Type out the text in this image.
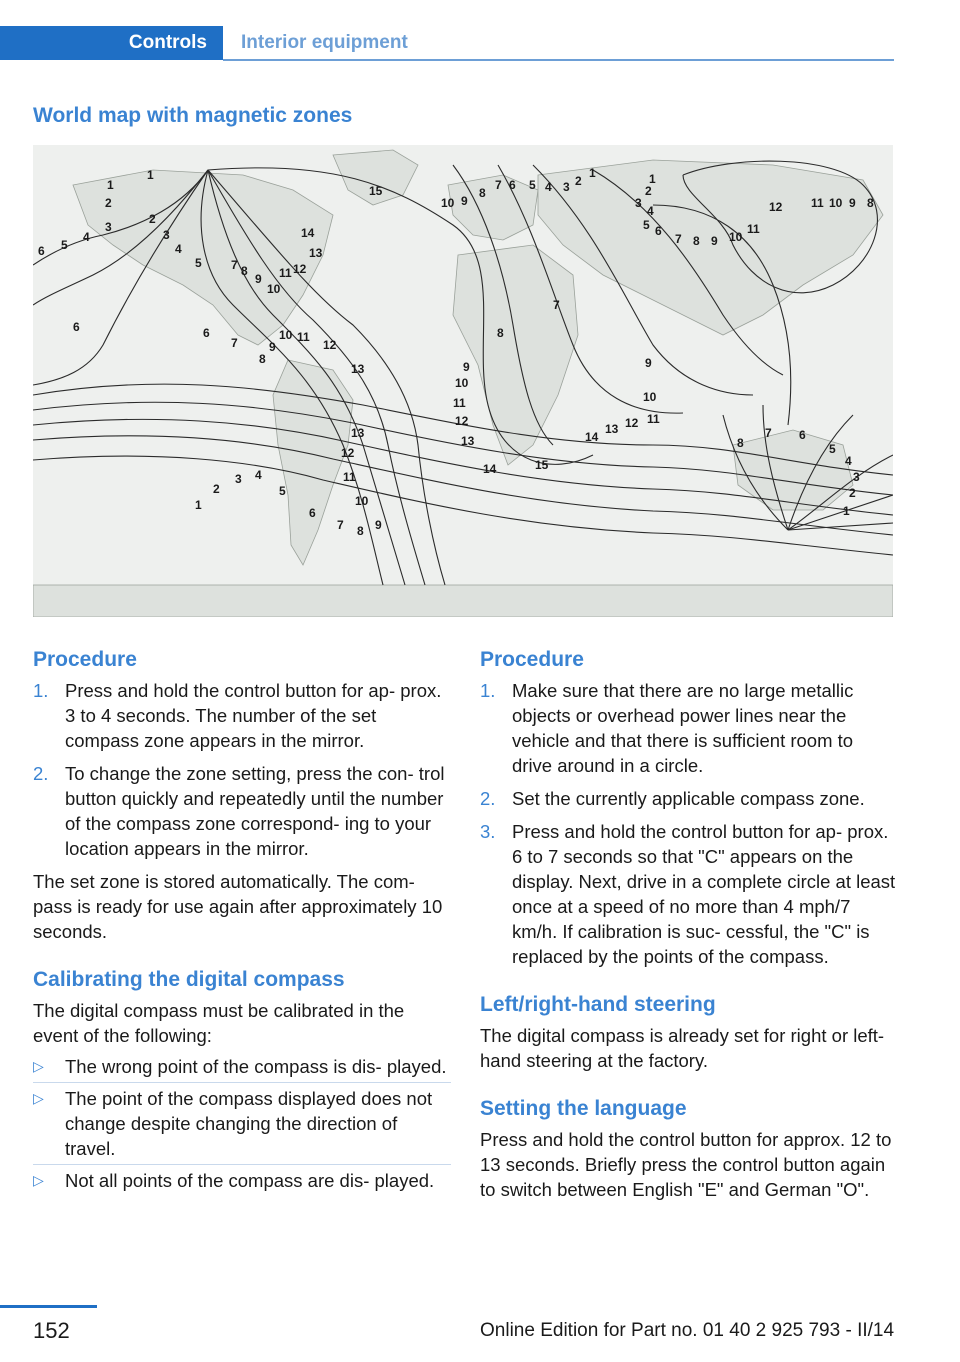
Controls	Interior equipment
World map with magnetic zones
1
1
2
2
3
3
4
4
5
5
6
6
7 8
9
10
11 12
13
14
15
6
7
8
9
10 11
12
13
13
12
11
10
9
8
7
6
5
4
3
2
1
10 9
8
7 6 5 4 3 2
1	1
2
3
4
5 6
7 8 9 10
11
12 11 10 9 8
7
8
9
10
11
12
13
14	15
14
13 12 11
10
9
8
7 6
5
4
3
2
1
Procedure
1. Press and hold the control button for ap‐ prox. 3 to 4 seconds. The number of the set compass zone appears in the mirror.
2. To change the zone setting, press the con‐ trol button quickly and repeatedly until the number of the compass zone correspond‐ ing to your location appears in the mirror.

The set zone is stored automatically. The com‐ pass is ready for use again after approximately 10 seconds.

Calibrating the digital compass

The digital compass must be calibrated in the event of the following:

▷ The wrong point of the compass is dis‐ played.
▷ The point of the compass displayed does not change despite changing the direction of travel.
▷ Not all points of the compass are dis‐ played.
Procedure
1. Make sure that there are no large metallic objects or overhead power lines near the vehicle and that there is sufficient room to drive around in a circle.
2. Set the currently applicable compass zone.
3. Press and hold the control button for ap‐ prox. 6 to 7 seconds so that "C" appears on the display. Next, drive in a complete circle at least once at a speed of no more than 4 mph/7 km/h. If calibration is suc‐ cessful, the "C" is replaced by the points of the compass.
Left/right-hand steering

The digital compass is already set for right or left-hand steering at the factory.

Setting the language

Press and hold the control button for approx. 12 to 13 seconds. Briefly press the control button again to switch between English "E" and German "O".

152	Online Edition for Part no. 01 40 2 925 793 - II/14
